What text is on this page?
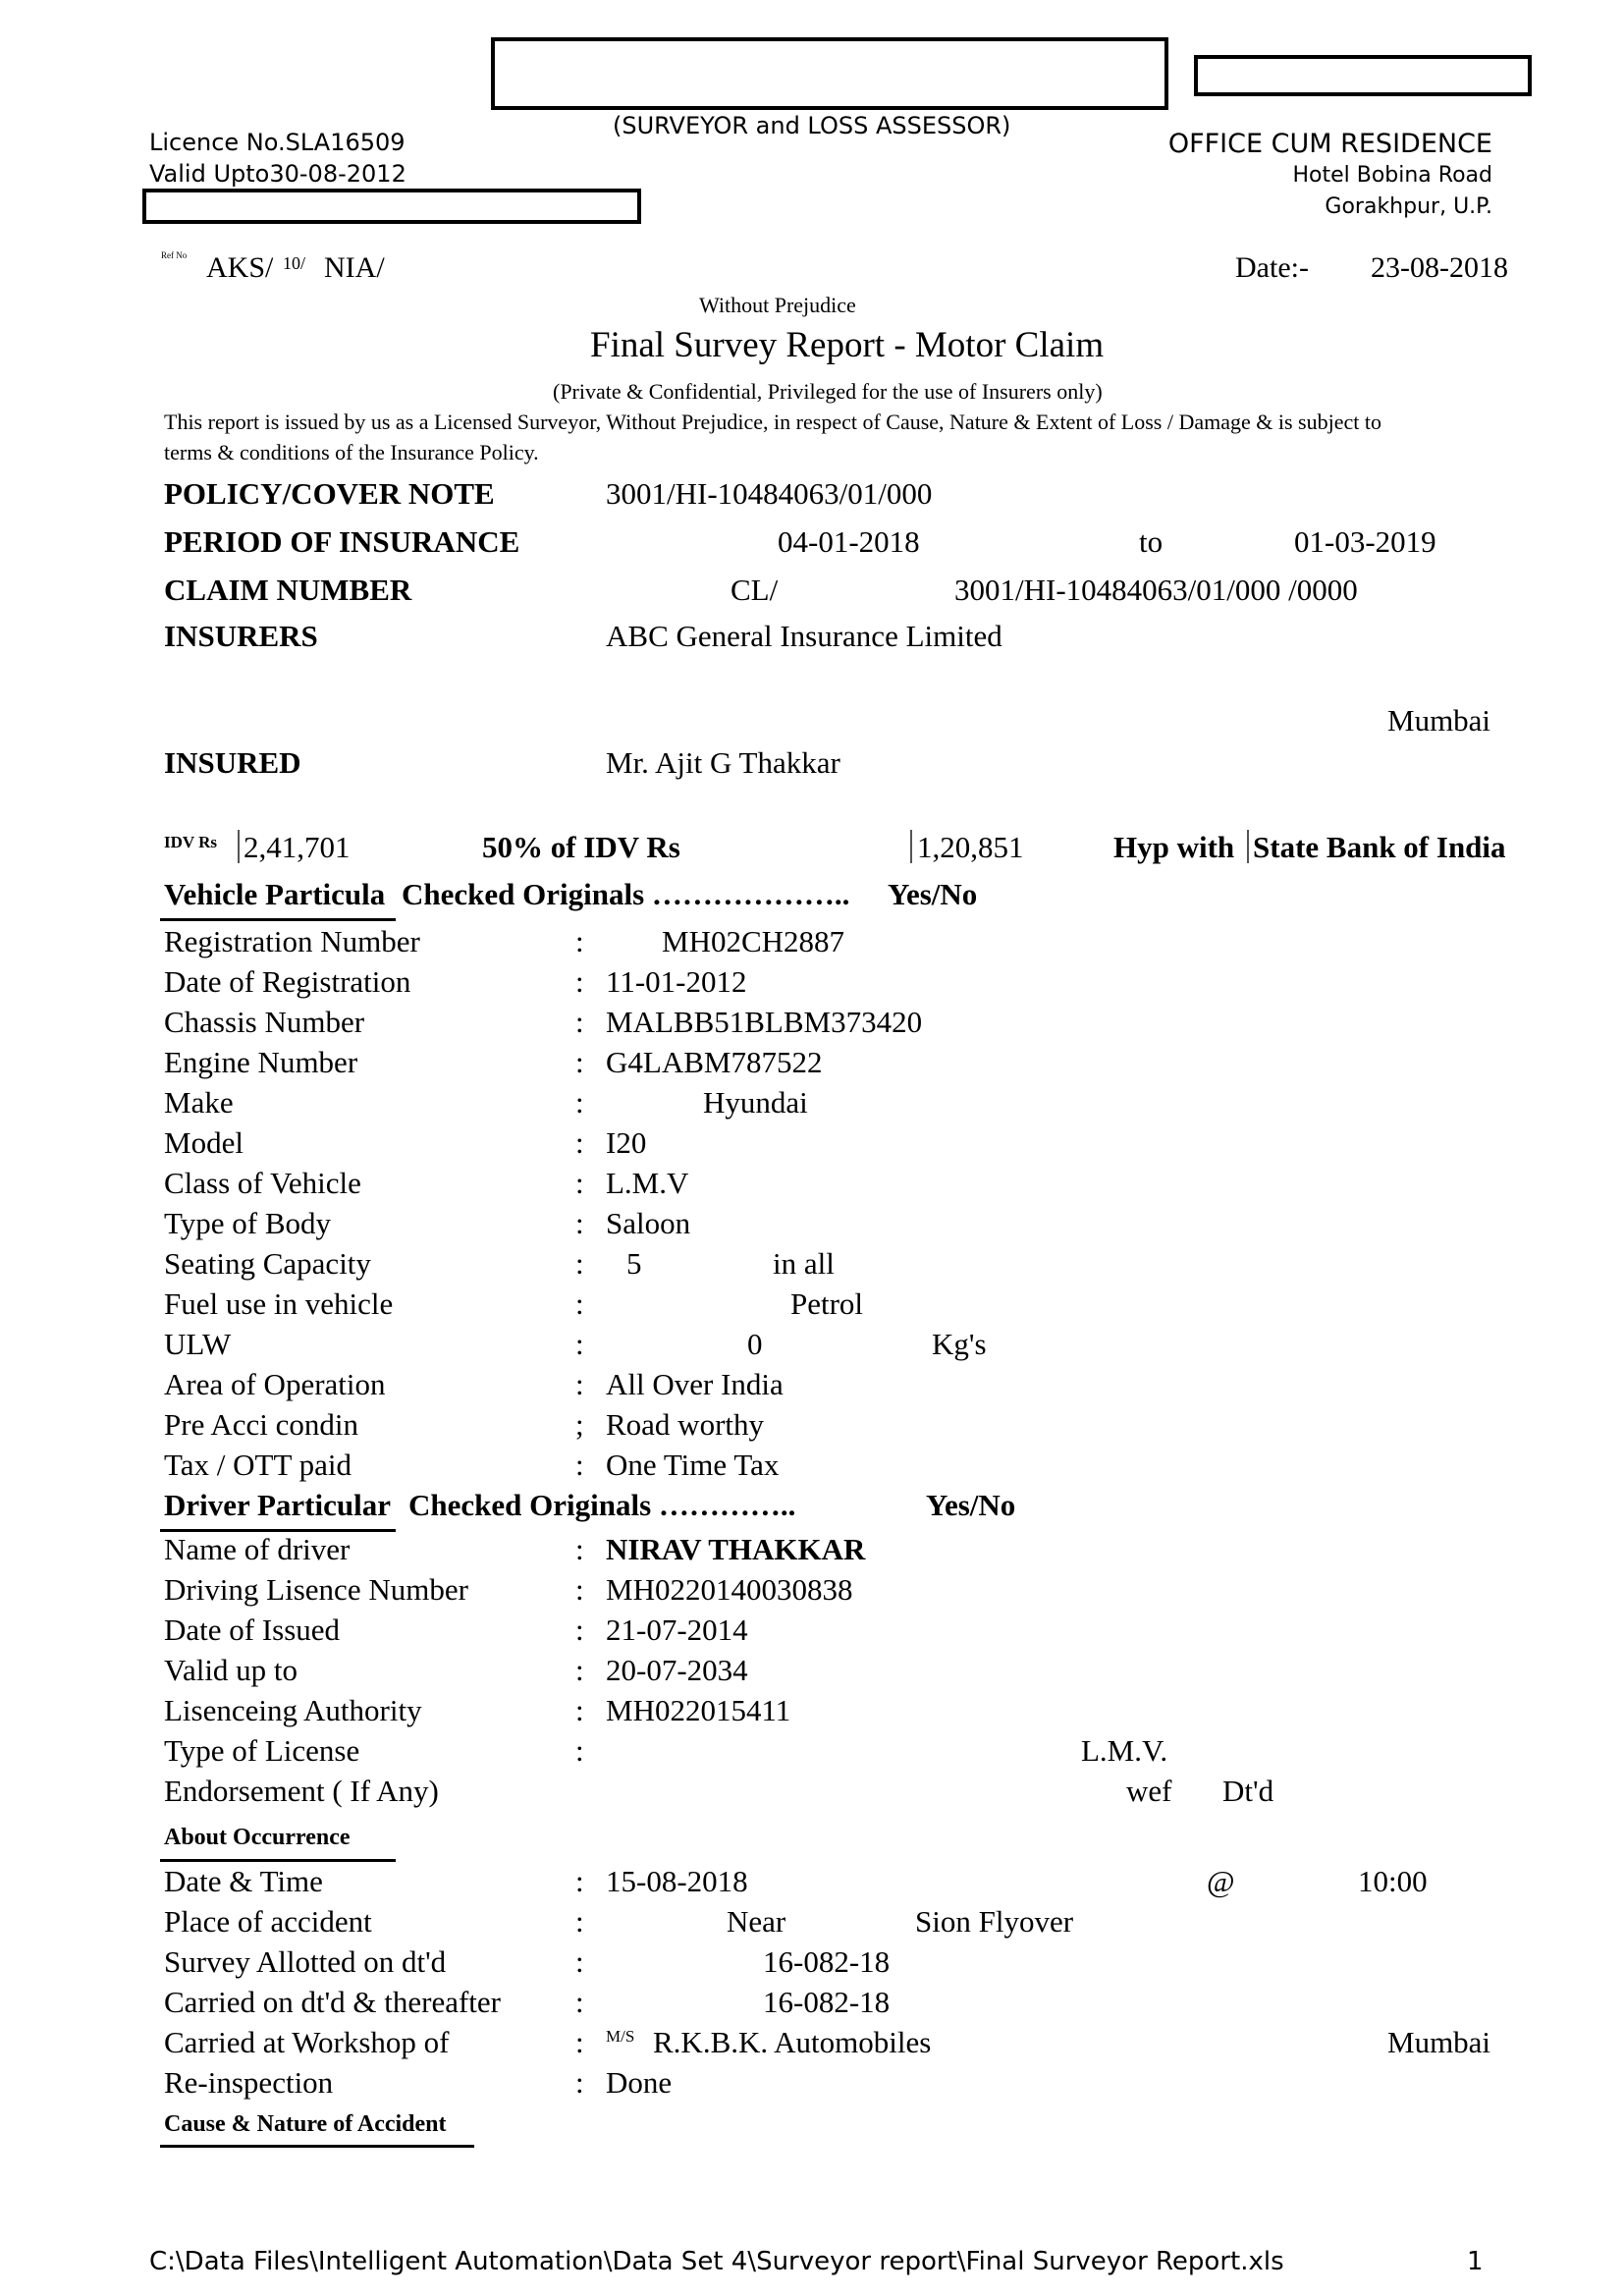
(SURVEYOR and LOSS ASSESSOR)
Licence No.SLA16509
Valid Upto30-08-2012
OFFICE CUM RESIDENCE
Hotel Bobina Road
Gorakhpur, U.P.
Ref No AKS/ 10/ NIA/	Date:- 23-08-2018
Without Prejudice
Final Survey Report - Motor Claim
(Private & Confidential, Privileged for the use of Insurers only)
This report is issued by us as a Licensed Surveyor, Without Prejudice, in respect of Cause, Nature & Extent of Loss / Damage & is subject to
terms & conditions of the Insurance Policy.
POLICY/COVER NOTE	3001/HI-10484063/01/000
PERIOD OF INSURANCE	04-01-2018	to	01-03-2019
CLAIM NUMBER	CL/	3001/HI-10484063/01/000 /0000
INSURERS	ABC General Insurance Limited
Mumbai
INSURED	Mr. Ajit G Thakkar
IDV Rs 2,41,701	50% of IDV Rs	1,20,851	Hyp with State Bank of India
Vehicle Particula Checked Originals ……………….. Yes/No
Registration Number	:	MH02CH2887
Date of Registration	: 11-01-2012
Chassis Number	: MALBB51BLBM373420
Engine Number	: G4LABM787522
Make	:	Hyundai
Model	: I20
Class of Vehicle	: L.M.V
Type of Body	: Saloon
Seating Capacity	: 5	in all
Fuel use in vehicle	:	Petrol
ULW	:	0	Kg's
Area of Operation	: All Over India
Pre Acci condin	; Road worthy
Tax / OTT paid	: One Time Tax
Driver Particular Checked Originals …………..	Yes/No
Name of driver	: NIRAV THAKKAR
Driving Lisence Number	: MH0220140030838
Date of Issued	: 21-07-2014
Valid up to	: 20-07-2034
Lisenceing Authority	: MH022015411
Type of License	:	L.M.V.
Endorsement ( If Any)	wef Dt'd
About Occurrence
Date & Time	: 15-08-2018	@	10:00
Place of accident	:	Near	Sion Flyover
Survey Allotted on dt'd	:	16-082-18
Carried on dt'd & thereafter :	16-082-18
Carried at Workshop of	: M/S R.K.B.K. Automobiles	Mumbai
Re-inspection	: Done
Cause & Nature of Accident
C:\Data Files\Intelligent Automation\Data Set 4\Surveyor report\Final Surveyor Report.xls	1
